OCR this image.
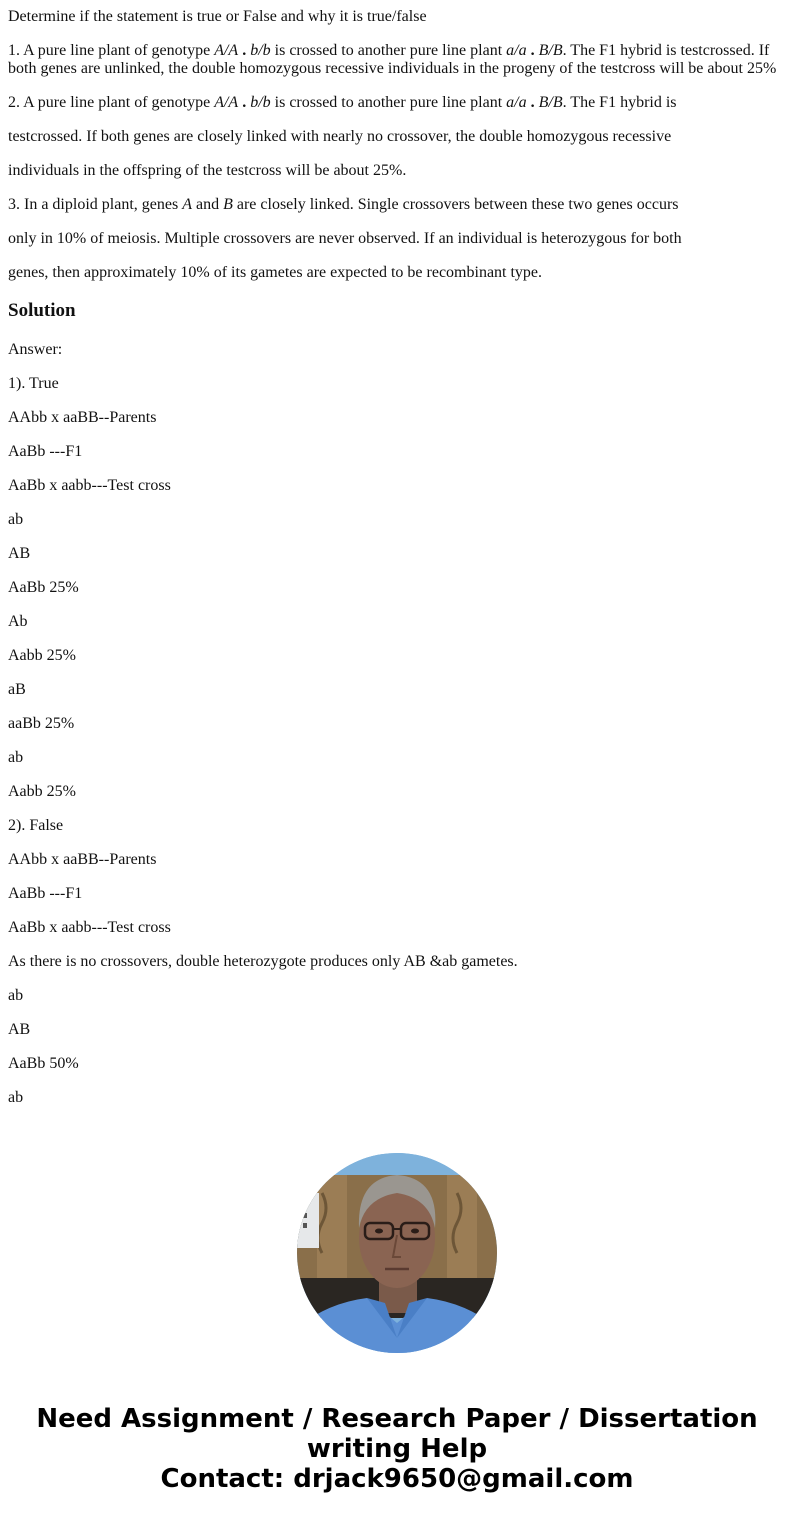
Determine if the statement is true or False and why it is true/false

1. A pure line plant of genotype A/A . b/b is crossed to another pure line plant a/a . B/B. The F1 hybrid is testcrossed. If both genes are unlinked, the double homozygous recessive individuals in the progeny of the testcross will be about 25%

2. A pure line plant of genotype A/A . b/b is crossed to another pure line plant a/a . B/B. The F1 hybrid is

testcrossed. If both genes are closely linked with nearly no crossover, the double homozygous recessive

individuals in the offspring of the testcross will be about 25%.

3. In a diploid plant, genes A and B are closely linked. Single crossovers between these two genes occurs

only in 10% of meiosis. Multiple crossovers are never observed. If an individual is heterozygous for both

genes, then approximately 10% of its gametes are expected to be recombinant type.

Solution

Answer:

1). True

AAbb x aaBB--Parents

AaBb ---F1

AaBb x aabb---Test cross

ab

AB

AaBb 25%

Ab

Aabb 25%

aB

aaBb 25%

ab

Aabb 25%

2). False

AAbb x aaBB--Parents

AaBb ---F1

AaBb x aabb---Test cross

As there is no crossovers, double heterozygote produces only AB &ab gametes.

ab

AB

AaBb 50%

ab

Need Assignment / Research Paper / Dissertation
writing Help
Contact: drjack9650@gmail.com
